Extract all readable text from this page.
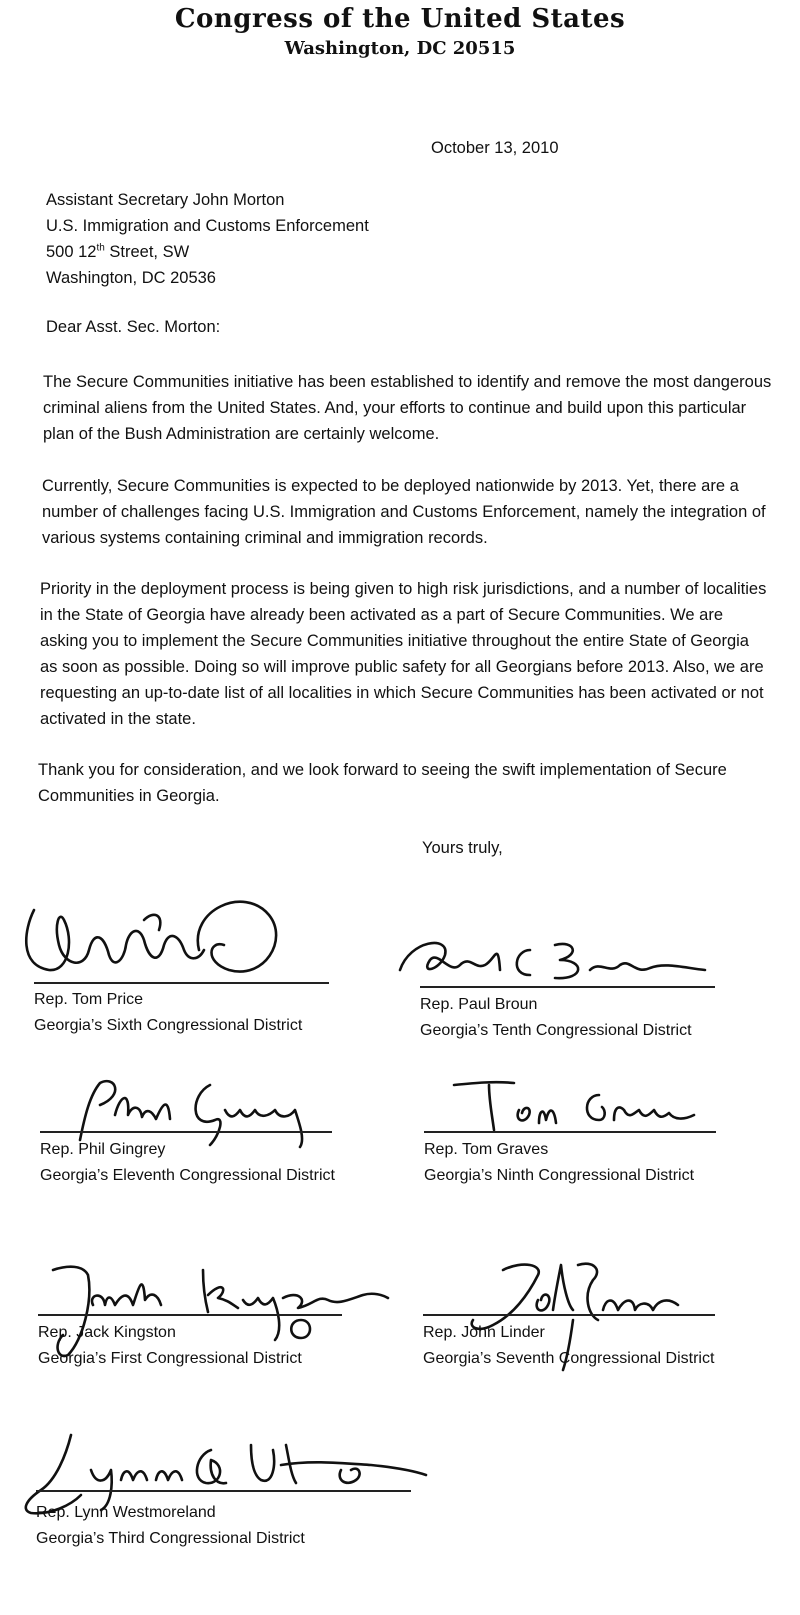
Congress of the United States
Washington, DC 20515
October 13, 2010
Assistant Secretary John Morton
U.S. Immigration and Customs Enforcement
500 12th Street, SW
Washington, DC 20536
Dear Asst. Sec. Morton:
The Secure Communities initiative has been established to identify and remove the most dangerous criminal aliens from the United States. And, your efforts to continue and build upon this particular plan of the Bush Administration are certainly welcome.
Currently, Secure Communities is expected to be deployed nationwide by 2013. Yet, there are a number of challenges facing U.S. Immigration and Customs Enforcement, namely the integration of various systems containing criminal and immigration records.
Priority in the deployment process is being given to high risk jurisdictions, and a number of localities in the State of Georgia have already been activated as a part of Secure Communities. We are asking you to implement the Secure Communities initiative throughout the entire State of Georgia as soon as possible. Doing so will improve public safety for all Georgians before 2013. Also, we are requesting an up-to-date list of all localities in which Secure Communities has been activated or not activated in the state.
Thank you for consideration, and we look forward to seeing the swift implementation of Secure Communities in Georgia.
Yours truly,
Rep. Tom Price
Georgia’s Sixth Congressional District
Rep. Paul Broun
Georgia’s Tenth Congressional District
Rep. Phil Gingrey
Georgia’s Eleventh Congressional District
Rep. Tom Graves
Georgia’s Ninth Congressional District
Rep. Jack Kingston
Georgia’s First Congressional District
Rep. John Linder
Georgia’s Seventh Congressional District
Rep. Lynn Westmoreland
Georgia’s Third Congressional District
